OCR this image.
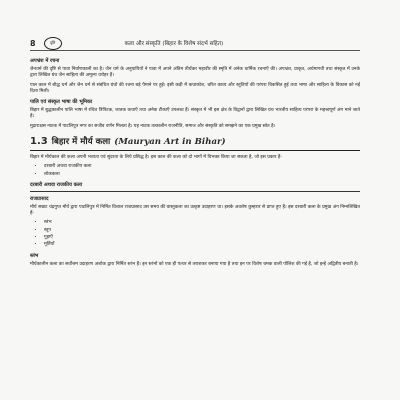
8	दृष्टि	कला और संस्कृति (बिहार के विशेष संदर्भ सहित)
अपभ्रंश में रचना

जैनधर्म की दृष्टि से पावा निर्वाणकाली का है। जैन धर्म के अनुयायियों ने पावा में अपने अंतिम तीर्थंकर महावीर की स्मृति में अनेक धार्मिक रचनाएँ की। अपभ्रंश, प्राकृत, अर्धमागधी तथा संस्कृत में उनके द्वारा लिखित ग्रंथ जैन साहित्य की अमूल्य धरोहर हैं।

पाल काल में बौद्ध धर्म और जैन धर्म से संबंधित ग्रंथों की रचना बड़े पैमाने पर हुई। इसी कड़ी में कथाकोश, चरित काव्य और स्तुतियों की परंपरा विकसित हुई तथा भाषा और साहित्य के विकास को नई दिशा मिली।

पालि एवं संस्कृत भाषा की भूमिका

बिहार में बुद्धकालीन पालि भाषा में रचित त्रिपिटक, जातक कथाएँ तथा अनेक टीकाएँ उपलब्ध हैं। संस्कृत में भी इस क्षेत्र के विद्वानों द्वारा लिखित ग्रंथ भारतीय साहित्य परंपरा के महत्त्वपूर्ण अंग माने जाते हैं।

मुद्राराक्षस नाटक में पाटलिपुत्र नगर का सजीव वर्णन मिलता है। यह नाटक तत्कालीन राजनीति, समाज और संस्कृति को समझने का एक प्रमुख स्रोत है।

1.3 बिहार में मौर्य कला (Mauryan Art in Bihar)

बिहार में मौर्यकाल की कला अपनी भव्यता एवं सुंदरता के लिये प्रसिद्ध है। इस काल की कला को दो भागों में विभक्त किया जा सकता है, जो इस प्रकार हैं-

• दरबारी अथवा राजकीय कला
• लोककला
दरबारी अथवा राजकीय कला
राजप्रासाद

मौर्य सम्राट चंद्रगुप्त मौर्य द्वारा पाटलिपुत्र में निर्मित विशाल राजप्रासाद उस समय की वास्तुकला का उत्कृष्ट उदाहरण था। इसके अवशेष कुम्हरार से प्राप्त हुए हैं। इस दरबारी कला के प्रमुख अंग निम्नलिखित हैं-

• स्तंभ
• स्तूप
• गुहाएँ
• मूर्तियाँ
स्तंभ

मौर्यकालीन कला का सर्वोत्तम उदाहरण अशोक द्वारा निर्मित स्तंभ हैं। इन स्तंभों को एक ही पत्थर से तराशकर बनाया गया है तथा इन पर विशेष चमक वाली पॉलिश की गई है, जो इन्हें अद्वितीय बनाती है।
